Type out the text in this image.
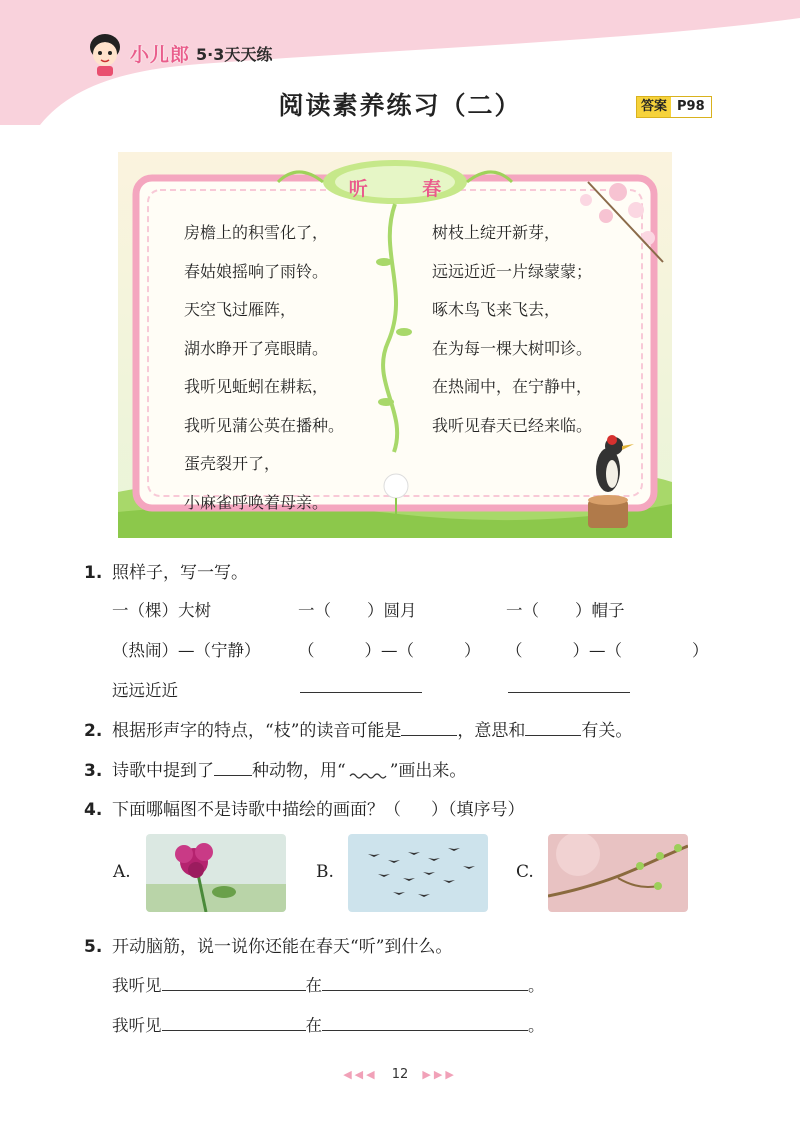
小儿郎 5·3天天练
阅读素养练习（二）	答案 P98
听 春
房檐上的积雪化了，
春姑娘摇响了雨铃。
天空飞过雁阵，
湖水睁开了亮眼睛。
我听见蚯蚓在耕耘，
我听见蒲公英在播种。
蛋壳裂开了，
小麻雀呼唤着母亲。
树枝上绽开新芽，
远远近近一片绿蒙蒙；
啄木鸟飞来飞去，
在为每一棵大树叩诊。
在热闹中，在宁静中，
我听见春天已经来临。
1. 照样子，写一写。
一（棵）大树	一（ ）圆月	一（ ）帽子
（热闹）—（宁静） （	）—（	） （	）—（	）
远远近近
2. 根据形声字的特点，“枝”的读音可能是	，意思和	有关。
3. 诗歌中提到了 种动物，用“	”画出来。
4. 下面哪幅图不是诗歌中描绘的画面？（ ）（填序号）
A.	B.	C.
5. 开动脑筋，说一说你还能在春天“听”到什么。
我听见	在	。
我听见	在	。
◀◀◀ 12 ▶▶▶
